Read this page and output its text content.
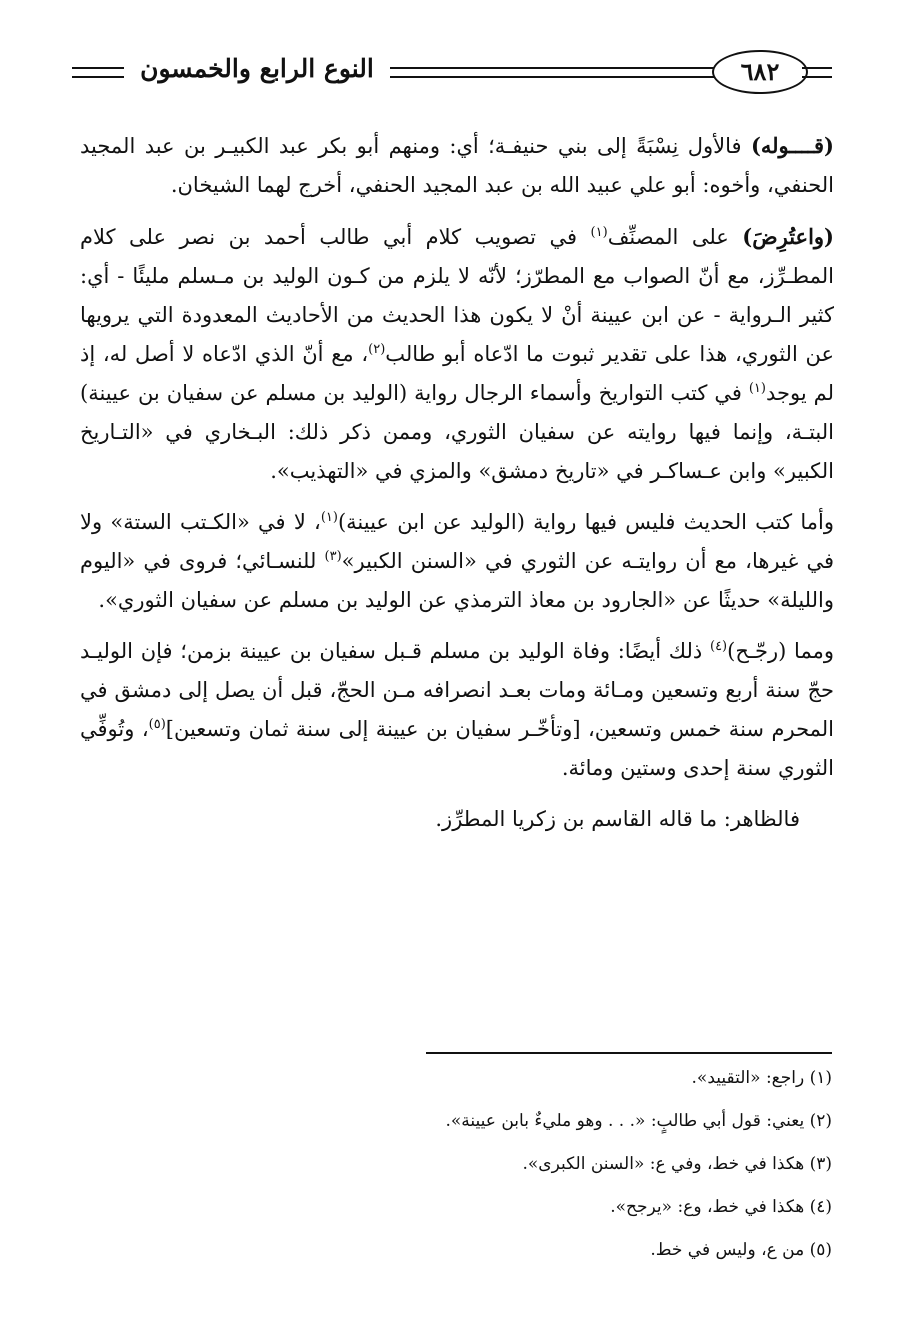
النوع الرابع والخمسون	٦٨٢

(قــــوله) فالأول نِسْبَةً إلى بني حنيفـة؛ أي: ومنهم أبو بكر عبد الكبيـر بن عبد المجيد الحنفي، وأخوه: أبو علي عبيد الله بن عبد المجيد الحنفي، أخرج لهما الشيخان.

(واعتُرِضَ) على المصنِّف$^{(١)}$ في تصويب كلام أبي طالب أحمد بن نصر على كلام المطـرِّز، مع أنّ الصواب مع المطرّز؛ لأنّه لا يلزم من كـون الوليد بن مـسلم مليئًا - أي: كثير الـرواية - عن ابن عيينة أنْ لا يكون هذا الحديث من الأحاديث المعدودة التي يرويها عن الثوري، هذا على تقدير ثبوت ما ادّعاه أبو طالب$^{(٢)}$، مع أنّ الذي ادّعاه لا أصل له، إذ لم يوجد$^{(١)}$ في كتب التواريخ وأسماء الرجال رواية (الوليد بن مسلم عن سفيان بن عيينة) البتـة، وإنما فيها روايته عن سفيان الثوري، وممن ذكر ذلك: البـخاري في «التـاريخ الكبير» وابن عـساكـر في «تاريخ دمشق» والمزي في «التهذيب».

وأما كتب الحديث فليس فيها رواية (الوليد عن ابن عيينة)$^{(١)}$، لا في «الكـتب الستة» ولا في غيرها، مع أن روايتـه عن الثوري في «السنن الكبير»$^{(٣)}$ للنسـائي؛ فروى في «اليوم والليلة» حديثًا عن «الجارود بن معاذ الترمذي عن الوليد بن مسلم عن سفيان الثوري».

ومما (رجّـح)$^{(٤)}$ ذلك أيضًا: وفاة الوليد بن مسلم قـبل سفيان بن عيينة بزمن؛ فإن الوليـد حجّ سنة أربع وتسعين ومـائة ومات بعـد انصرافه مـن الحجّ، قبل أن يصل إلى دمشق في المحرم سنة خمس وتسعين، [وتأخّـر سفيان بن عيينة إلى سنة ثمان وتسعين]$^{(٥)}$، وتُوفِّي الثوري سنة إحدى وستين ومائة.

فالظاهر: ما قاله القاسم بن زكريا المطرِّز.

(١) راجع: «التقييد».

(٢) يعني: قول أبي طالبٍ: «. . . وهو مليءٌ بابن عيينة».

(٣) هكذا في خط، وفي ع: «السنن الكبرى».

(٤) هكذا في خط، وع: «يرجح».

(٥) من ع، وليس في خط.
